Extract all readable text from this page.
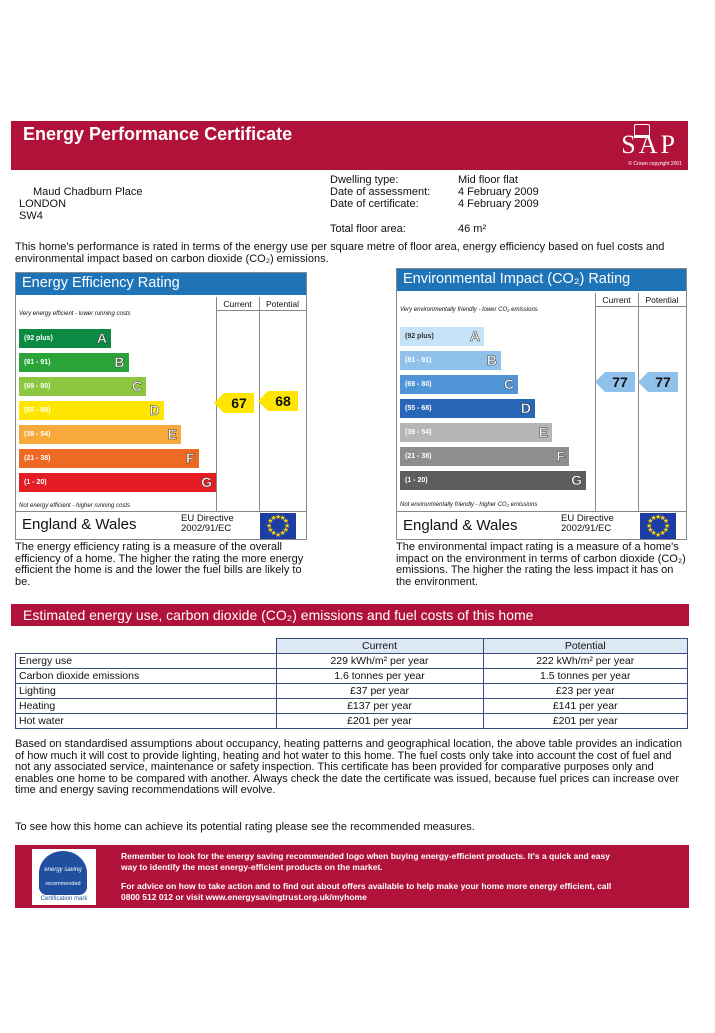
Energy Performance Certificate	SAP
© Crown copyright 2001
Maud Chadburn Place
LONDON
SW4
Dwelling type:	Mid floor flat
Date of assessment:	4 February 2009
Date of certificate:	4 February 2009
Total floor area:	46 m²
This home's performance is rated in terms of the energy use per square metre of floor area, energy efficiency based on fuel costs and environmental impact based on carbon dioxide (CO₂) emissions.
Energy Efficiency Rating
Current	Potential
Very energy efficient - lower running costs
(92 plus)	A
(81 - 91)	B
(69 - 80)	C
(55 - 68)	D
(39 - 54)	E
(21 - 38)	F
(1 - 20)	G
Not energy efficient - higher running costs
England & Wales	EU Directive 2002/91/EC	★
★
★
★
★
★
★
★
★
★
★
★
67	68
The energy efficiency rating is a measure of the overall efficiency of a home. The higher the rating the more energy efficient the home is and the lower the fuel bills are likely to be.
Environmental Impact (CO₂) Rating
Current	Potential
Very environmentally friendly - lower CO₂ emissions
(92 plus)	A
(81 - 91)	B
(69 - 80)	C
(55 - 68)	D
(39 - 54)	E
(21 - 38)	F
(1 - 20)	G
Not environmentally friendly - higher CO₂ emissions
England & Wales	EU Directive 2002/91/EC	★
★
★
★
★
★
★
★
★
★
★
★
77	77
The environmental impact rating is a measure of a home's impact on the environment in terms of carbon dioxide (CO₂) emissions. The higher the rating the less impact it has on the environment.
Estimated energy use, carbon dioxide (CO₂) emissions and fuel costs of this home
	Current	Potential
Energy use	229 kWh/m² per year	222 kWh/m² per year
Carbon dioxide emissions	1.6 tonnes per year	1.5 tonnes per year
Lighting	£37 per year	£23 per year
Heating	£137 per year	£141 per year
Hot water	£201 per year	£201 per year
Based on standardised assumptions about occupancy, heating patterns and geographical location, the above table provides an indication of how much it will cost to provide lighting, heating and hot water to this home. The fuel costs only take into account the cost of fuel and not any associated service, maintenance or safety inspection. This certificate has been provided for comparative purposes only and enables one home to be compared with another. Always check the date the certificate was issued, because fuel prices can increase over time and energy saving recommendations will evolve.
To see how this home can achieve its potential rating please see the recommended measures.
energy saving
recommended
Certification mark
Remember to look for the energy saving recommended logo when buying energy-efficient products. It's a quick and easy way to identify the most energy-efficient products on the market.
For advice on how to take action and to find out about offers available to help make your home more energy efficient, call 0800 512 012 or visit www.energysavingtrust.org.uk/myhome
